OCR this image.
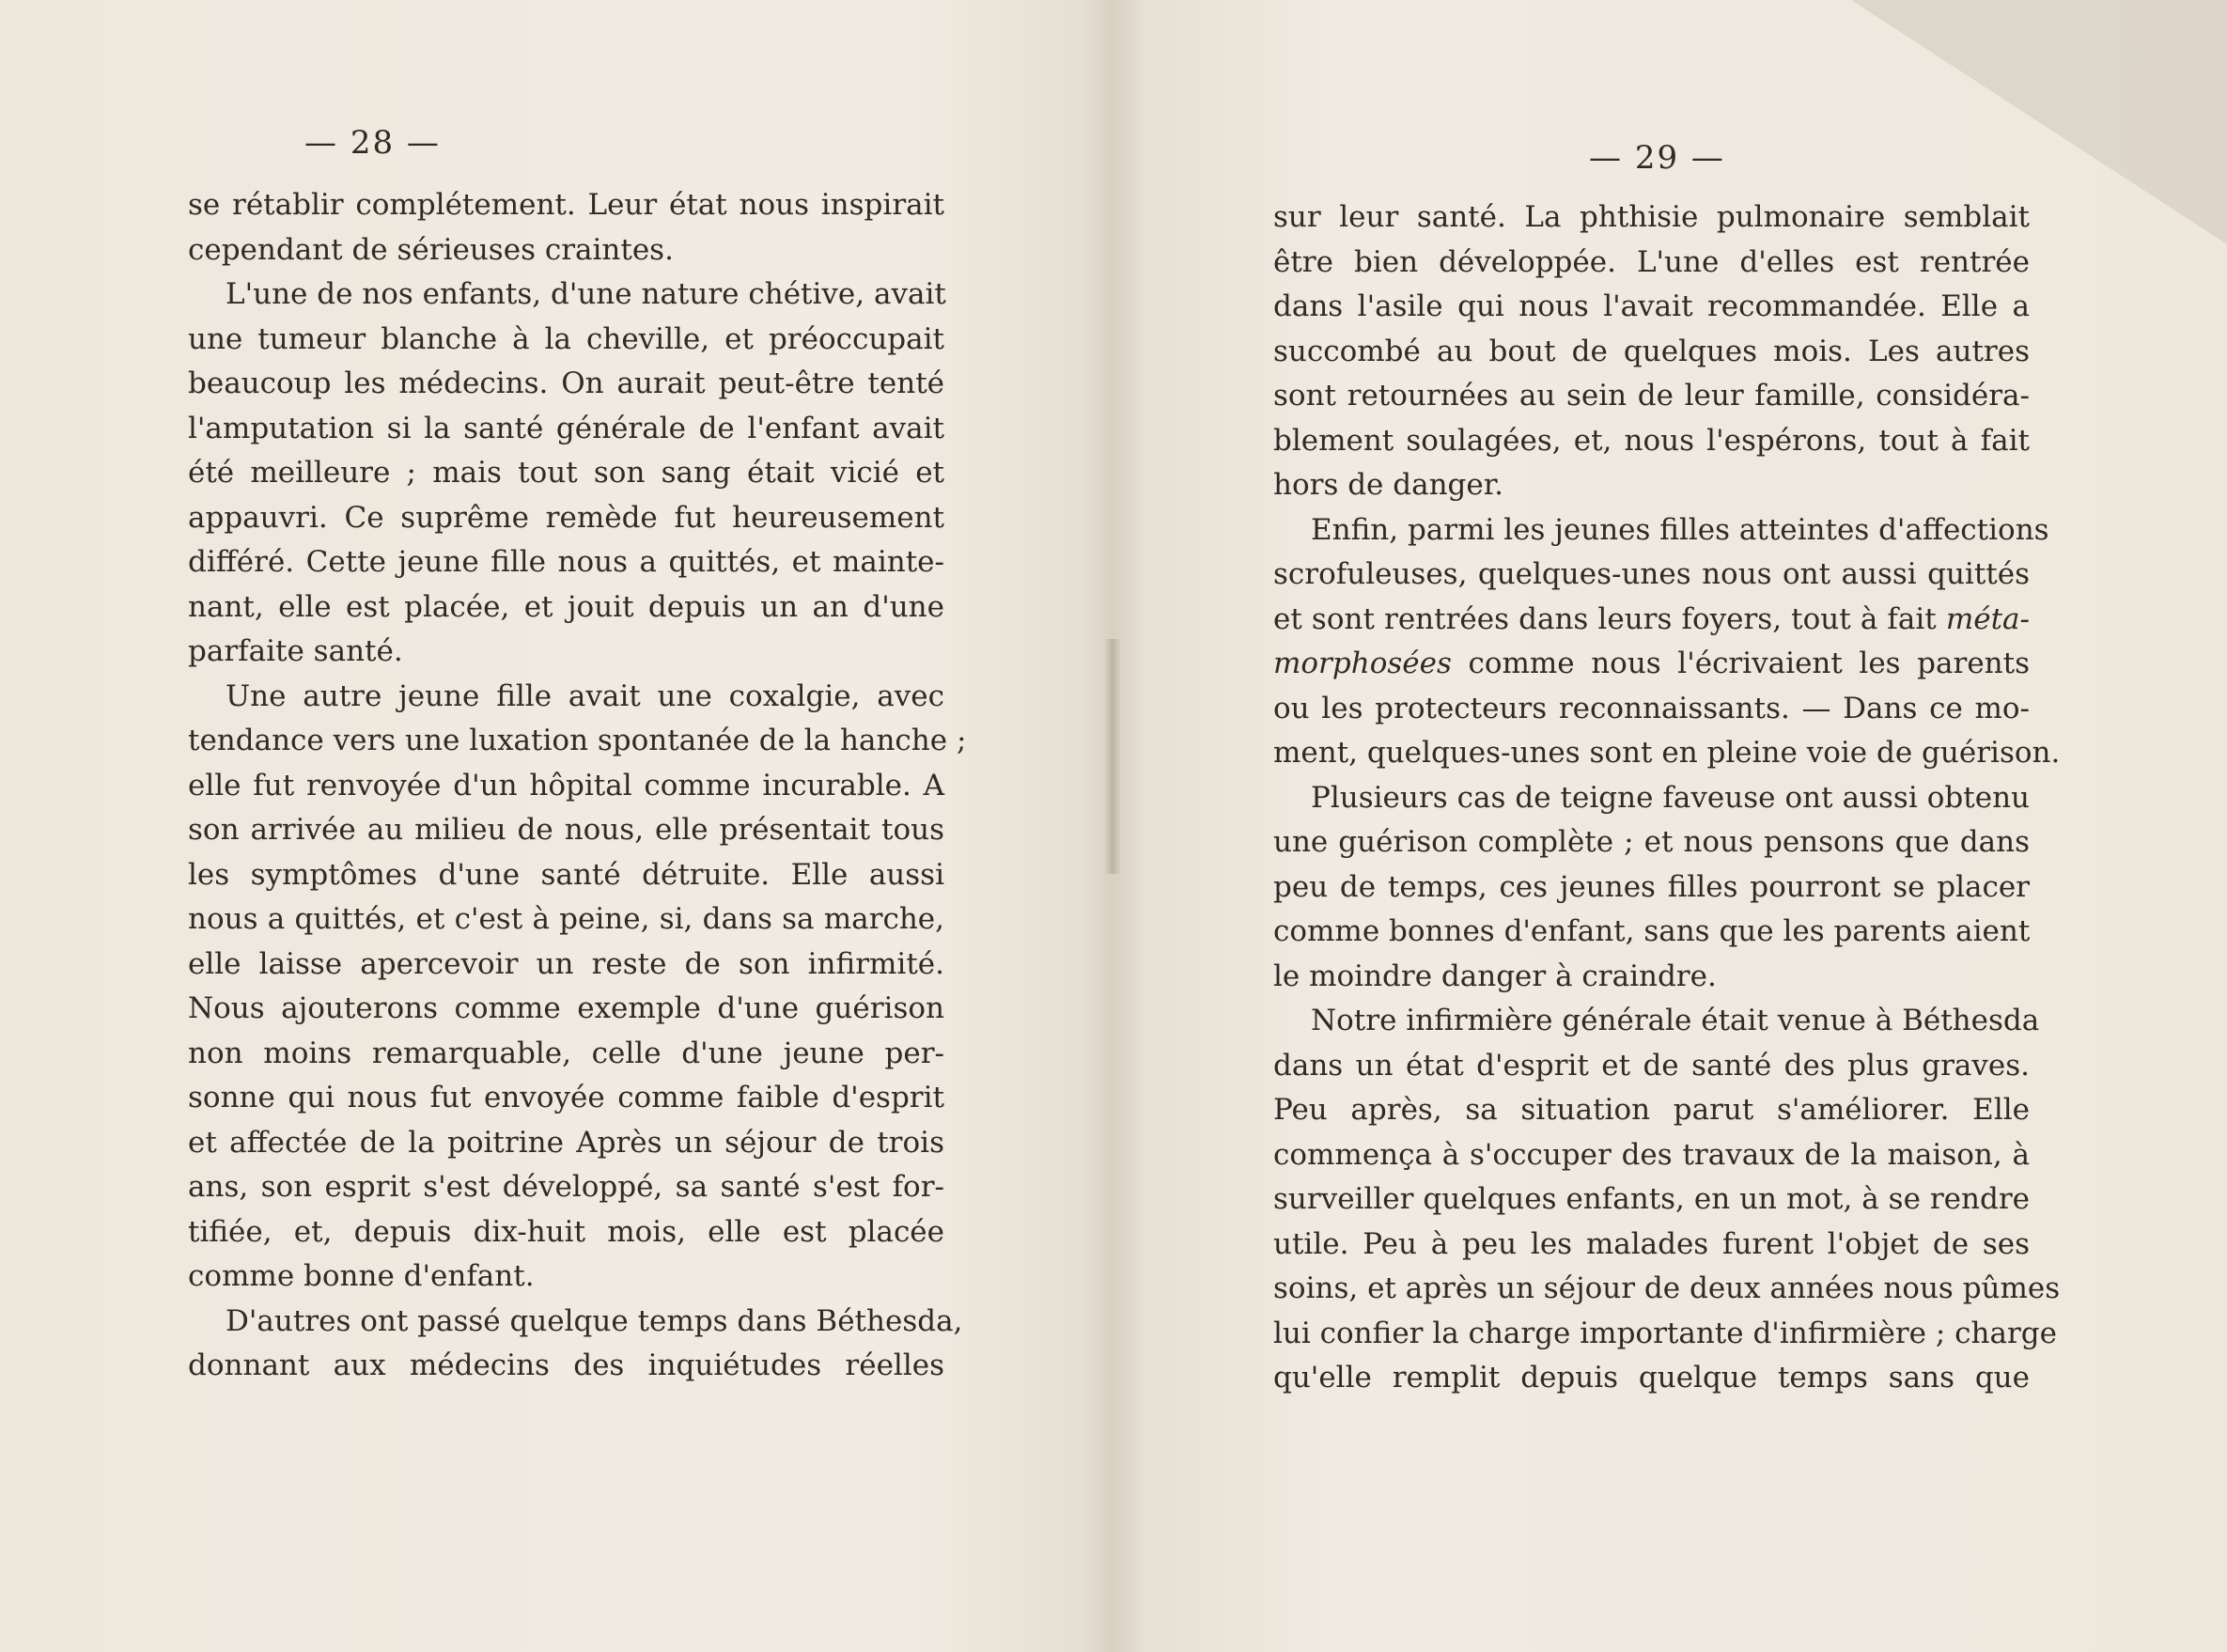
— 28 —
se rétablir complétement. Leur état nous inspirait
cependant de sérieuses craintes.
L'une de nos enfants, d'une nature chétive, avait
une tumeur blanche à la cheville, et préoccupait
beaucoup les médecins. On aurait peut-être tenté
l'amputation si la santé générale de l'enfant avait
été meilleure ; mais tout son sang était vicié et
appauvri. Ce suprême remède fut heureusement
différé. Cette jeune fille nous a quittés, et mainte-
nant, elle est placée, et jouit depuis un an d'une
parfaite santé.
Une autre jeune fille avait une coxalgie, avec
tendance vers une luxation spontanée de la hanche ;
elle fut renvoyée d'un hôpital comme incurable. A
son arrivée au milieu de nous, elle présentait tous
les symptômes d'une santé détruite. Elle aussi
nous a quittés, et c'est à peine, si, dans sa marche,
elle laisse apercevoir un reste de son infirmité.
Nous ajouterons comme exemple d'une guérison
non moins remarquable, celle d'une jeune per-
sonne qui nous fut envoyée comme faible d'esprit
et affectée de la poitrine Après un séjour de trois
ans, son esprit s'est développé, sa santé s'est for-
tifiée, et, depuis dix-huit mois, elle est placée
comme bonne d'enfant.
D'autres ont passé quelque temps dans Béthesda,
donnant aux médecins des inquiétudes réelles
— 29 —
sur leur santé. La phthisie pulmonaire semblait
être bien développée. L'une d'elles est rentrée
dans l'asile qui nous l'avait recommandée. Elle a
succombé au bout de quelques mois. Les autres
sont retournées au sein de leur famille, considéra-
blement soulagées, et, nous l'espérons, tout à fait
hors de danger.
Enfin, parmi les jeunes filles atteintes d'affections
scrofuleuses, quelques-unes nous ont aussi quittés
et sont rentrées dans leurs foyers, tout à fait méta-
morphosées comme nous l'écrivaient les parents
ou les protecteurs reconnaissants. — Dans ce mo-
ment, quelques-unes sont en pleine voie de guérison.
Plusieurs cas de teigne faveuse ont aussi obtenu
une guérison complète ; et nous pensons que dans
peu de temps, ces jeunes filles pourront se placer
comme bonnes d'enfant, sans que les parents aient
le moindre danger à craindre.
Notre infirmière générale était venue à Béthesda
dans un état d'esprit et de santé des plus graves.
Peu après, sa situation parut s'améliorer. Elle
commença à s'occuper des travaux de la maison, à
surveiller quelques enfants, en un mot, à se rendre
utile. Peu à peu les malades furent l'objet de ses
soins, et après un séjour de deux années nous pûmes
lui confier la charge importante d'infirmière ; charge
qu'elle remplit depuis quelque temps sans que
